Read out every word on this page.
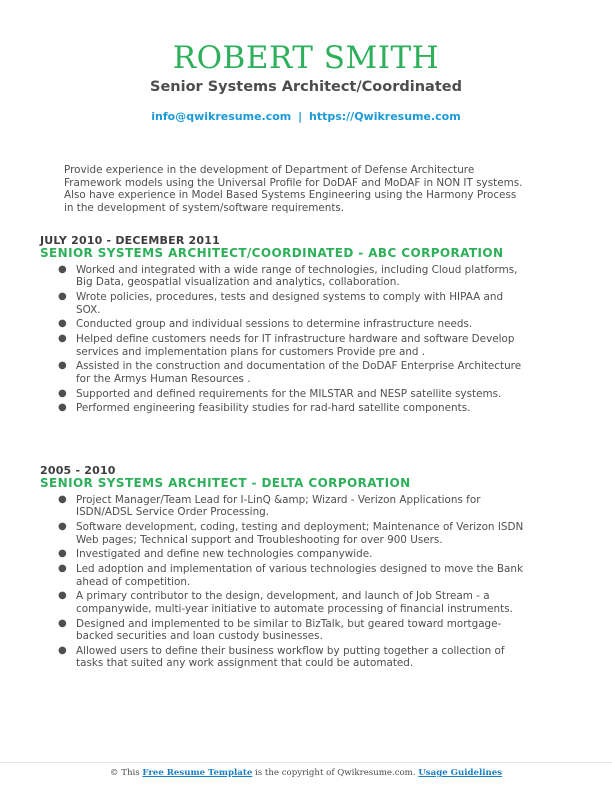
ROBERT SMITH
Senior Systems Architect/Coordinated
info@qwikresume.com | https://Qwikresume.com
Provide experience in the development of Department of Defense Architecture Framework models using the Universal Profile for DoDAF and MoDAF in NON IT systems. Also have experience in Model Based Systems Engineering using the Harmony Process in the development of system/software requirements.
JULY 2010 - DECEMBER 2011
SENIOR SYSTEMS ARCHITECT/COORDINATED - ABC CORPORATION
● Worked and integrated with a wide range of technologies, including Cloud platforms, Big Data, geospatial visualization and analytics, collaboration.
● Wrote policies, procedures, tests and designed systems to comply with HIPAA and SOX.
● Conducted group and individual sessions to determine infrastructure needs.
● Helped define customers needs for IT infrastructure hardware and software Develop services and implementation plans for customers Provide pre and .
● Assisted in the construction and documentation of the DoDAF Enterprise Architecture for the Armys Human Resources .
● Supported and defined requirements for the MILSTAR and NESP satellite systems.
● Performed engineering feasibility studies for rad-hard satellite components.
2005 - 2010
SENIOR SYSTEMS ARCHITECT - DELTA CORPORATION
● Project Manager/Team Lead for I-LinQ &amp; Wizard - Verizon Applications for ISDN/ADSL Service Order Processing.
● Software development, coding, testing and deployment; Maintenance of Verizon ISDN Web pages; Technical support and Troubleshooting for over 900 Users.
● Investigated and define new technologies companywide.
● Led adoption and implementation of various technologies designed to move the Bank ahead of competition.
● A primary contributor to the design, development, and launch of Job Stream - a companywide, multi-year initiative to automate processing of financial instruments.
● Designed and implemented to be similar to BizTalk, but geared toward mortgage- backed securities and loan custody businesses.
● Allowed users to define their business workflow by putting together a collection of tasks that suited any work assignment that could be automated.
© This Free Resume Template is the copyright of Qwikresume.com. Usage Guidelines
